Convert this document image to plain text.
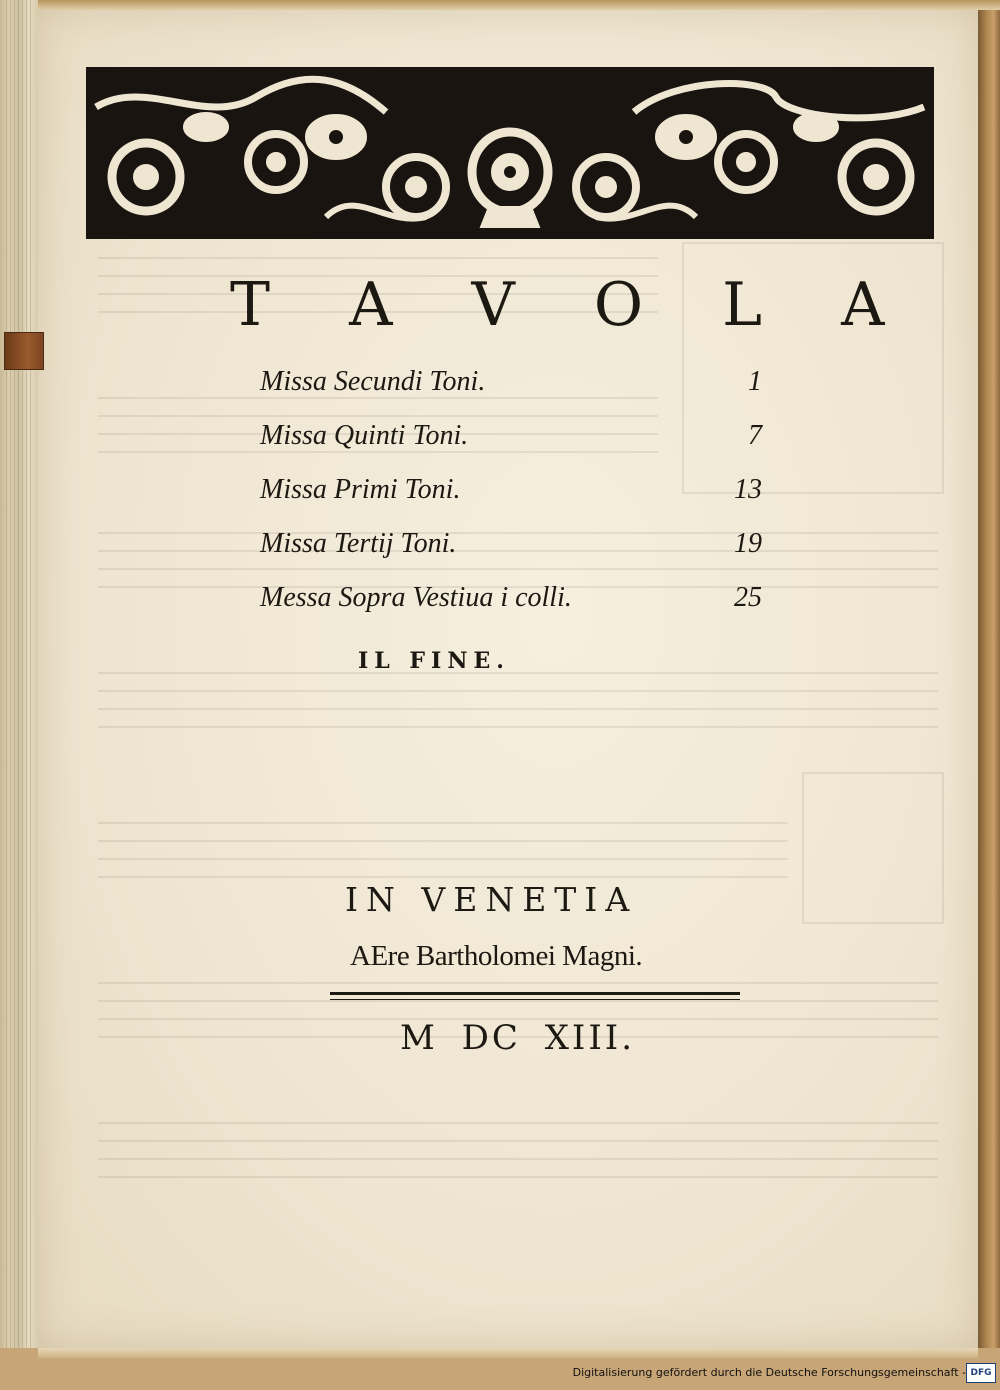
T A V O L A
Missa Secundi Toni.	1
Missa Quinti Toni.	7
Missa Primi Toni.	13
Missa Tertij Toni.	19
Messa Sopra Vestiua i colli.	25
IL FINE.
IN VENETIA
AEre Bartholomei Magni.
M DC XIII.
Digitalisierung gefördert durch die Deutsche Forschungsgemeinschaft - DFG
